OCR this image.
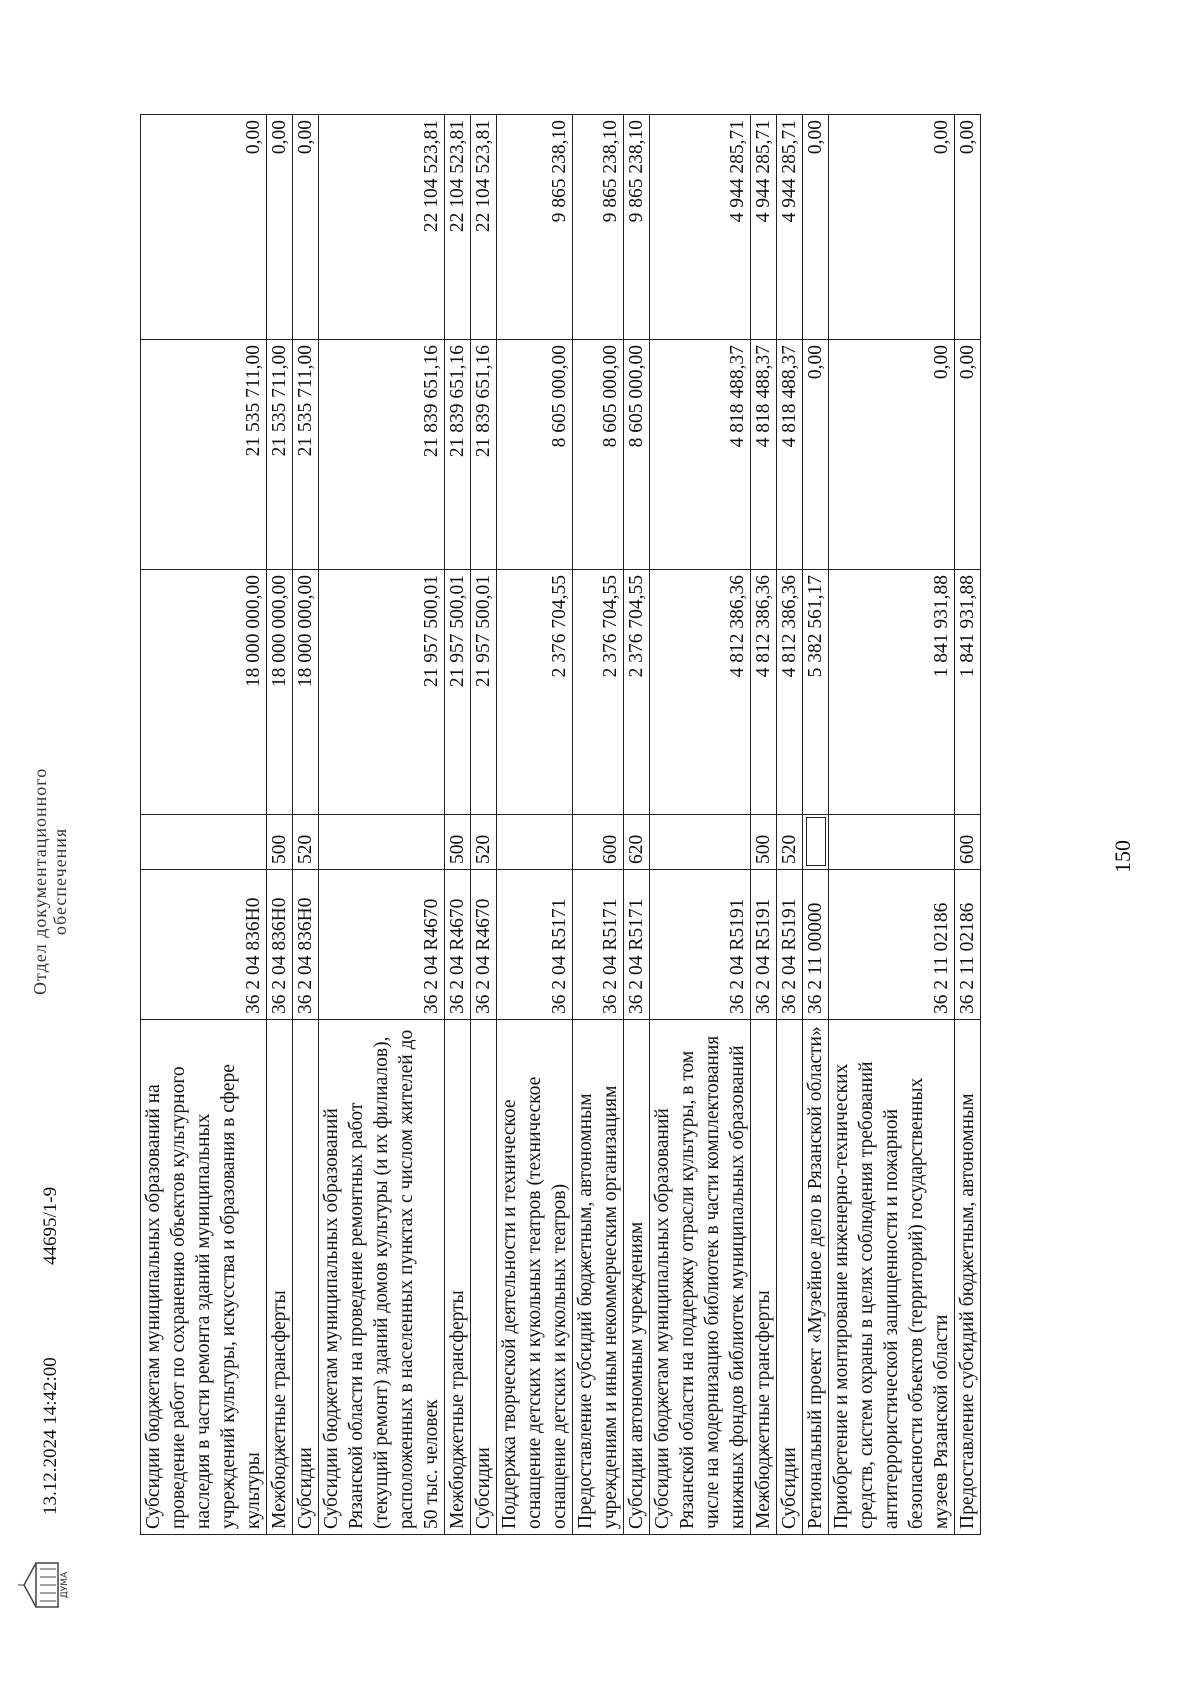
150
Субсидии бюджетам муниципальных образований на проведение работ по сохранению объектов культурного наследия в части ремонта зданий муниципальных учреждений культуры, искусства и образования в сфере культуры	36 2 04 836Н0		18 000 000,00	21 535 711,00	0,00
Межбюджетные трансферты	36 2 04 836Н0	500	18 000 000,00	21 535 711,00	0,00
Субсидии	36 2 04 836Н0	520	18 000 000,00	21 535 711,00	0,00
Субсидии бюджетам муниципальных образований Рязанской области на проведение ремонтных работ (текущий ремонт) зданий домов культуры (и их филиалов), расположенных в населенных пунктах с числом жителей до 50 тыс. человек	36 2 04 R4670		21 957 500,01	21 839 651,16	22 104 523,81
Межбюджетные трансферты	36 2 04 R4670	500	21 957 500,01	21 839 651,16	22 104 523,81
Субсидии	36 2 04 R4670	520	21 957 500,01	21 839 651,16	22 104 523,81
Поддержка творческой деятельности и техническое оснащение детских и кукольных театров (техническое оснащение детских и кукольных театров)	36 2 04 R5171		2 376 704,55	8 605 000,00	9 865 238,10
Предоставление субсидий бюджетным, автономным учреждениям и иным некоммерческим организациям	36 2 04 R5171	600	2 376 704,55	8 605 000,00	9 865 238,10
Субсидии автономным учреждениям	36 2 04 R5171	620	2 376 704,55	8 605 000,00	9 865 238,10
Субсидии бюджетам муниципальных образований Рязанской области на поддержку отрасли культуры, в том числе на модернизацию библиотек в части комплектования книжных фондов библиотек муниципальных образований	36 2 04 R5191		4 812 386,36	4 818 488,37	4 944 285,71
Межбюджетные трансферты	36 2 04 R5191	500	4 812 386,36	4 818 488,37	4 944 285,71
Субсидии	36 2 04 R5191	520	4 812 386,36	4 818 488,37	4 944 285,71
Региональный проект «Музейное дело в Рязанской области»	36 2 11 00000		5 382 561,17	0,00	0,00
Приобретение и монтирование инженерно-технических средств, систем охраны в целях соблюдения требований антитеррористической защищенности и пожарной безопасности объектов (территорий) государственных музеев Рязанской области	36 2 11 02186		1 841 931,88	0,00	0,00
Предоставление субсидий бюджетным, автономным	36 2 11 02186	600	1 841 931,88	0,00	0,00
ДУМА
13.12.2024 14:42:00
44695/1-9
Отдел документационного обеспечения
